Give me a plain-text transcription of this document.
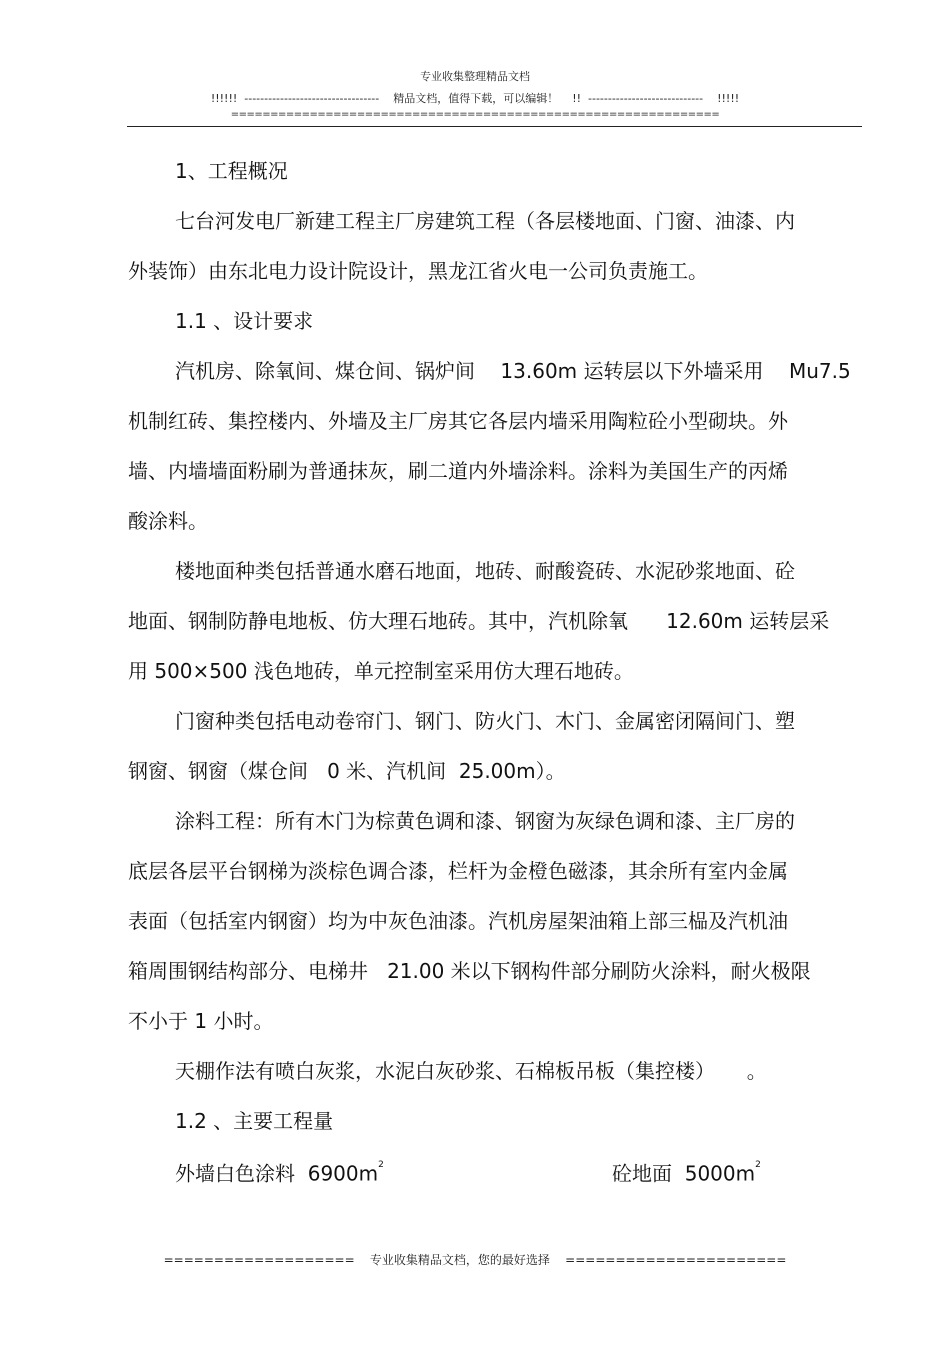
专业收集整理精品文档
!!!!!!  ----------------------------------    精品文档，值得下载，可以编辑！    !!  -----------------------------    !!!!!
==============================================================
1、工程概况
七台河发电厂新建工程主厂房建筑工程（各层楼地面、门窗、油漆、内
外装饰）由东北电力设计院设计，黑龙江省火电一公司负责施工。
1.1 、设计要求
汽机房、除氧间、煤仓间、锅炉间    13.60m 运转层以下外墙采用    Mu7.5
机制红砖、集控楼内、外墙及主厂房其它各层内墙采用陶粒砼小型砌块。外
墙、内墙墙面粉刷为普通抹灰，刷二道内外墙涂料。涂料为美国生产的丙烯
酸涂料。
楼地面种类包括普通水磨石地面，地砖、耐酸瓷砖、水泥砂浆地面、砼
地面、钢制防静电地板、仿大理石地砖。其中，汽机除氧      12.60m 运转层采
用 500×500 浅色地砖，单元控制室采用仿大理石地砖。
门窗种类包括电动卷帘门、钢门、防火门、木门、金属密闭隔间门、塑
钢窗、钢窗（煤仓间   0 米、汽机间  25.00m）。
涂料工程：所有木门为棕黄色调和漆、钢窗为灰绿色调和漆、主厂房的
底层各层平台钢梯为淡棕色调合漆，栏杆为金橙色磁漆，其余所有室内金属
表面（包括室内钢窗）均为中灰色油漆。汽机房屋架油箱上部三榀及汽机油
箱周围钢结构部分、电梯井   21.00 米以下钢构件部分刷防火涂料，耐火极限
不小于 1 小时。
天棚作法有喷白灰浆，水泥白灰砂浆、石棉板吊板（集控楼）     。
1.2 、主要工程量
外墙白色涂料  $6900m^2$	砼地面  $5000m^2$
===================    专业收集精品文档，您的最好选择    ======================
